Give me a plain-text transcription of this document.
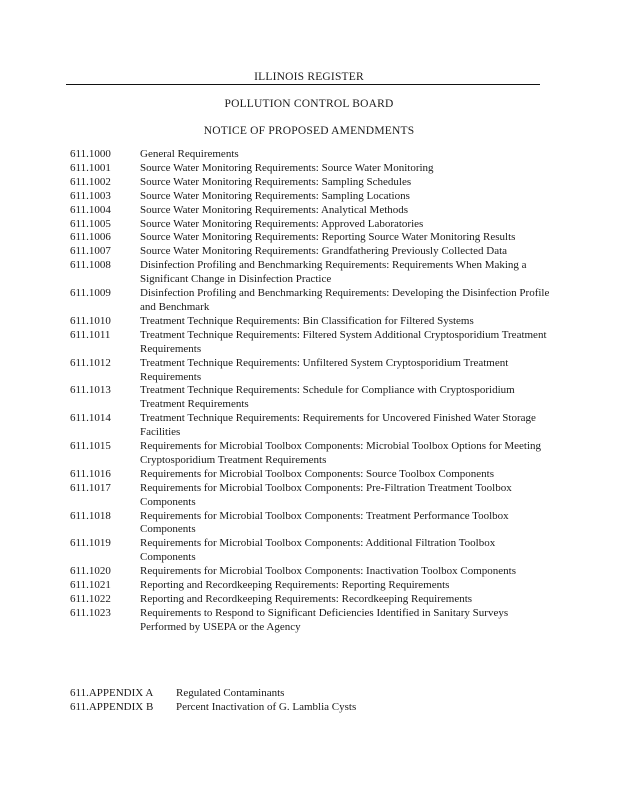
ILLINOIS REGISTER
POLLUTION CONTROL BOARD
NOTICE OF PROPOSED AMENDMENTS
611.1000	General Requirements
611.1001	Source Water Monitoring Requirements: Source Water Monitoring
611.1002	Source Water Monitoring Requirements: Sampling Schedules
611.1003	Source Water Monitoring Requirements: Sampling Locations
611.1004	Source Water Monitoring Requirements: Analytical Methods
611.1005	Source Water Monitoring Requirements: Approved Laboratories
611.1006	Source Water Monitoring Requirements: Reporting Source Water Monitoring Results
611.1007	Source Water Monitoring Requirements: Grandfathering Previously Collected Data
611.1008	Disinfection Profiling and Benchmarking Requirements: Requirements When Making a Significant Change in Disinfection Practice
611.1009	Disinfection Profiling and Benchmarking Requirements: Developing the Disinfection Profile and Benchmark
611.1010	Treatment Technique Requirements: Bin Classification for Filtered Systems
611.1011	Treatment Technique Requirements: Filtered System Additional Cryptosporidium Treatment Requirements
611.1012	Treatment Technique Requirements: Unfiltered System Cryptosporidium Treatment Requirements
611.1013	Treatment Technique Requirements: Schedule for Compliance with Cryptosporidium Treatment Requirements
611.1014	Treatment Technique Requirements: Requirements for Uncovered Finished Water Storage Facilities
611.1015	Requirements for Microbial Toolbox Components: Microbial Toolbox Options for Meeting Cryptosporidium Treatment Requirements
611.1016	Requirements for Microbial Toolbox Components: Source Toolbox Components
611.1017	Requirements for Microbial Toolbox Components: Pre-Filtration Treatment Toolbox Components
611.1018	Requirements for Microbial Toolbox Components: Treatment Performance Toolbox Components
611.1019	Requirements for Microbial Toolbox Components: Additional Filtration Toolbox Components
611.1020	Requirements for Microbial Toolbox Components: Inactivation Toolbox Components
611.1021	Reporting and Recordkeeping Requirements: Reporting Requirements
611.1022	Reporting and Recordkeeping Requirements: Recordkeeping Requirements
611.1023	Requirements to Respond to Significant Deficiencies Identified in Sanitary Surveys Performed by USEPA or the Agency
611.APPENDIX A	Regulated Contaminants
611.APPENDIX B	Percent Inactivation of G. Lamblia Cysts
